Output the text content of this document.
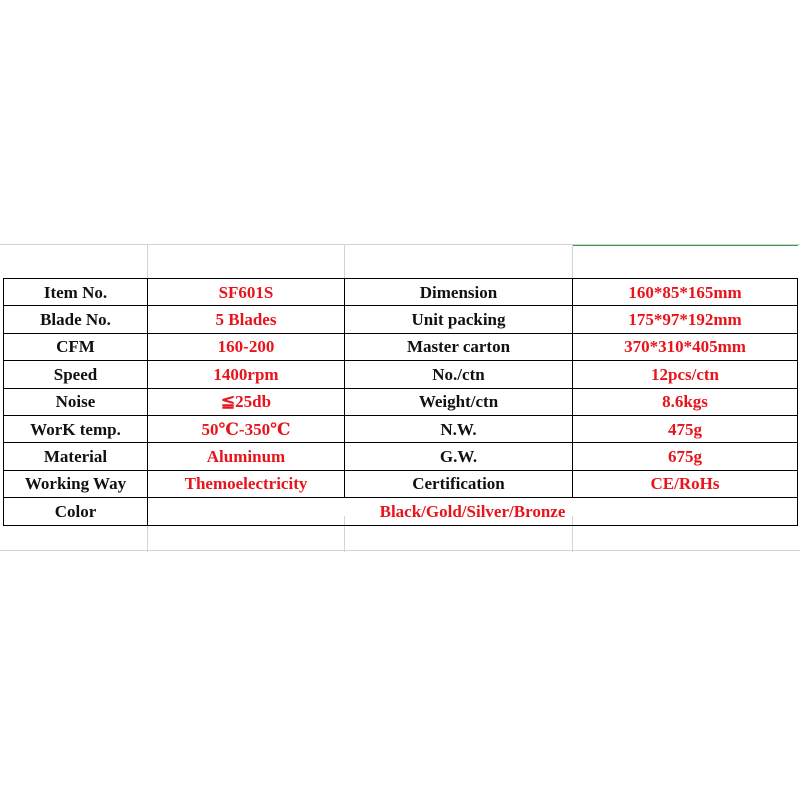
Item No.	SF601S	Dimension	160*85*165mm
Blade No.	5 Blades	Unit packing	175*97*192mm
CFM	160-200	Master carton	370*310*405mm
Speed	1400rpm	No./ctn	12pcs/ctn
Noise	≦25db	Weight/ctn	8.6kgs
WorK temp.	50℃-350℃	N.W.	475g
Material	Aluminum	G.W.	675g
Working Way	Themoelectricity	Certification	CE/RoHs
Color	Black/Gold/Silver/Bronze		
